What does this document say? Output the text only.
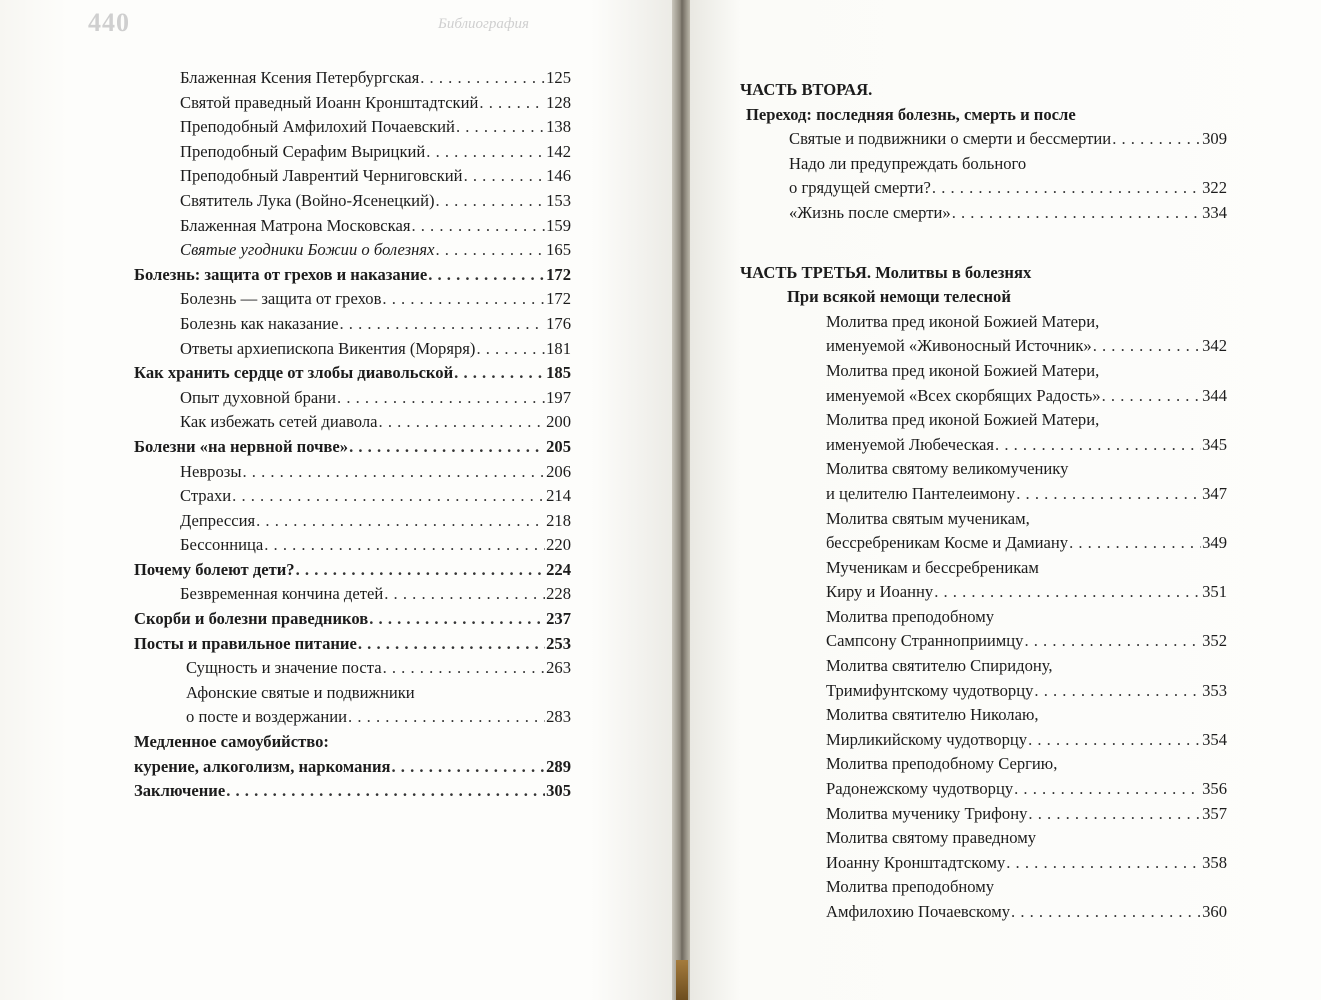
440	Библиография
Блаженная Ксения Петербургская . . .	125
Святой праведный Иоанн Кронштадтский . . .	128
Преподобный Амфилохий Почаевский . . .	138
Преподобный Серафим Вырицкий . . .	142
Преподобный Лаврентий Черниговский . . .	146
Святитель Лука (Войно-Ясенецкий) . . .	153
Блаженная Матрона Московская . . .	159
Святые угодники Божии о болезнях . . .	165
Болезнь: защита от грехов и наказание . . .	172
Болезнь — защита от грехов . . .	172
Болезнь как наказание . . .	176
Ответы архиепископа Викентия (Моряря) . . .	181
Как хранить сердце от злобы диавольской . . .	185
Опыт духовной брани . . .	197
Как избежать сетей диавола . . .	200
Болезни «на нервной почве» . . .	205
Неврозы . . .	206
Страхи . . .	214
Депрессия . . .	218
Бессонница . . .	220
Почему болеют дети? . . .	224
Безвременная кончина детей . . .	228
Скорби и болезни праведников . . .	237
Посты и правильное питание . . .	253
Сущность и значение поста . . .	263
Афонские святые и подвижники
о посте и воздержании . . .	283
Медленное самоубийство:
курение, алкоголизм, наркомания . . .	289
Заключение . . .	305
ЧАСТЬ ВТОРАЯ.
Переход: последняя болезнь, смерть и после
Святые и подвижники о смерти и бессмертии . . .	309
Надо ли предупреждать больного
о грядущей смерти? . . .	322
«Жизнь после смерти» . . .	334
ЧАСТЬ ТРЕТЬЯ. Молитвы в болезнях
При всякой немощи телесной
Молитва пред иконой Божией Матери,
именуемой «Живоносный Источник» . . .	342
Молитва пред иконой Божией Матери,
именуемой «Всех скорбящих Радость» . . .	344
Молитва пред иконой Божией Матери,
именуемой Любеческая . . .	345
Молитва святому великомученику
и целителю Пантелеимону . . .	347
Молитва святым мученикам,
бессребреникам Косме и Дамиану . . .	349
Мученикам и бессребреникам
Киру и Иоанну . . .	351
Молитва преподобному
Сампсону Странноприимцу . . .	352
Молитва святителю Спиридону,
Тримифунтскому чудотворцу . . .	353
Молитва святителю Николаю,
Мирликийскому чудотворцу . . .	354
Молитва преподобному Сергию,
Радонежскому чудотворцу . . .	356
Молитва мученику Трифону . . .	357
Молитва святому праведному
Иоанну Кронштадтскому . . .	358
Молитва преподобному
Амфилохию Почаевскому . . .	360
